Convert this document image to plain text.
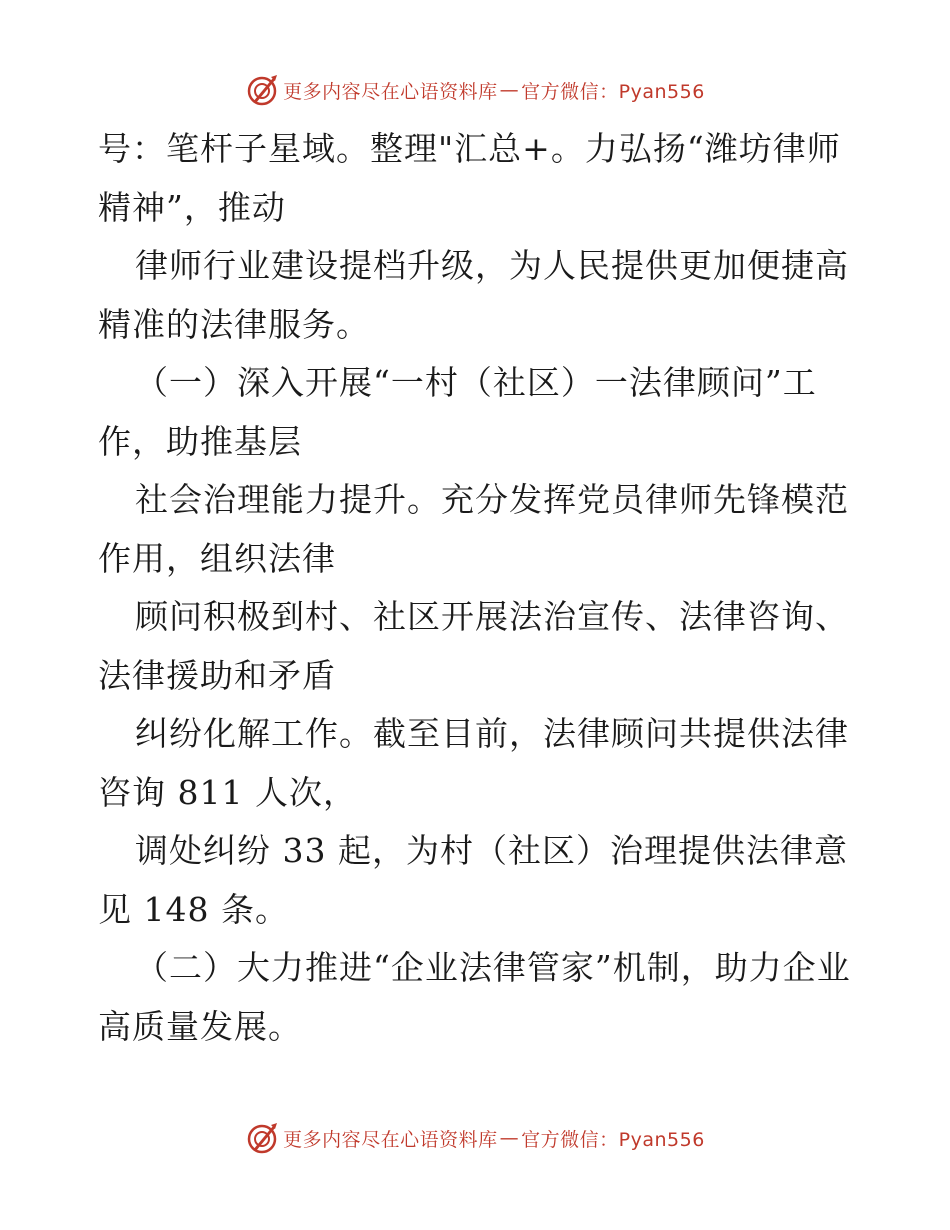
更多内容尽在心语资料库 — 官方微信：Pyan556

号：笔杆子星域。整理"汇总+。力弘扬“潍坊律师精神”，推动

律师行业建设提档升级，为人民提供更加便捷高精准的法律服务。

（一）深入开展“一村（社区）一法律顾问”工作，助推基层

社会治理能力提升。充分发挥党员律师先锋模范作用，组织法律

顾问积极到村、社区开展法治宣传、法律咨询、法律援助和矛盾

纠纷化解工作。截至目前，法律顾问共提供法律咨询 811 人次，

调处纠纷 33 起，为村（社区）治理提供法律意见 148 条。

（二）大力推进“企业法律管家”机制，助力企业高质量发展。

更多内容尽在心语资料库 — 官方微信：Pyan556
